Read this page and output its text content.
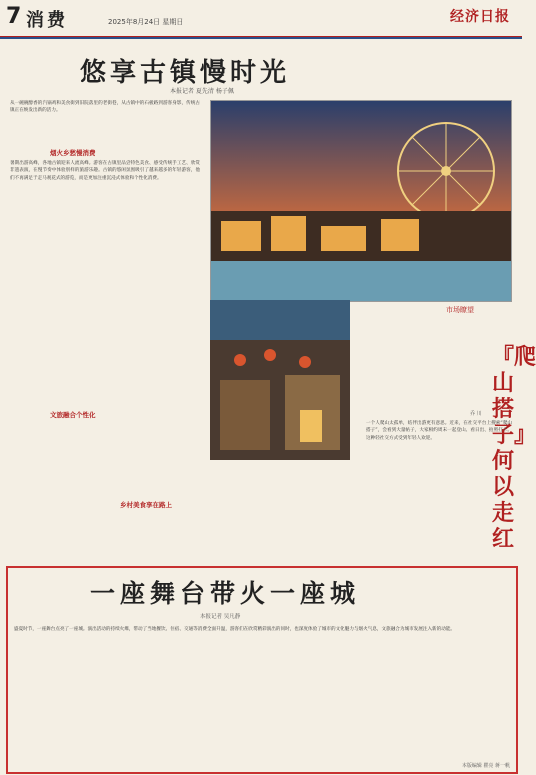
7 消费	2025年8月24日 星期日	经济日报
悠享古镇慢时光
本报记者 夏先清 杨子佩
从一碗碗醇香的汽锅鸡和美食街到旧院落里的老街巷，从古镇中的石板路到游客身影，传统古镇正在焕发出新的活力。
烟火乡愁慢消费
暑期出游高峰，各地古镇迎来人流高峰。游客在古镇里品尝特色美食、感受传统手工艺、欣赏非遗表演，在慢节奏中体验别样的旅游乐趣。古镇的悠闲氛围吸引了越来越多的年轻游客，他们不再满足于走马观花式的游览，而是更加注重沉浸式体验和个性化消费。
文旅融合个性化
乡村美食享在路上
市场瞭望
『爬山搭子』何以走红
乔 川
一个人爬山太孤单，结伴出游更有意思。近来，在社交平台上搜索“爬山搭子”，会看到大量帖子，大家相约周末一起登山、看日出、拍照打卡。这种轻社交方式受到年轻人欢迎。
一座舞台带火一座城
本报记者 吴凡静
盛夏时节，一座舞台点亮了一座城。演出活动的持续火爆，带动了当地餐饮、住宿、交通等消费全面升温，游客们在欣赏精彩演出的同时，也深度体验了城市的文化魅力与烟火气息，文旅融合为城市发展注入新的动能。
本版编辑 瞿亮 蒋一帆
